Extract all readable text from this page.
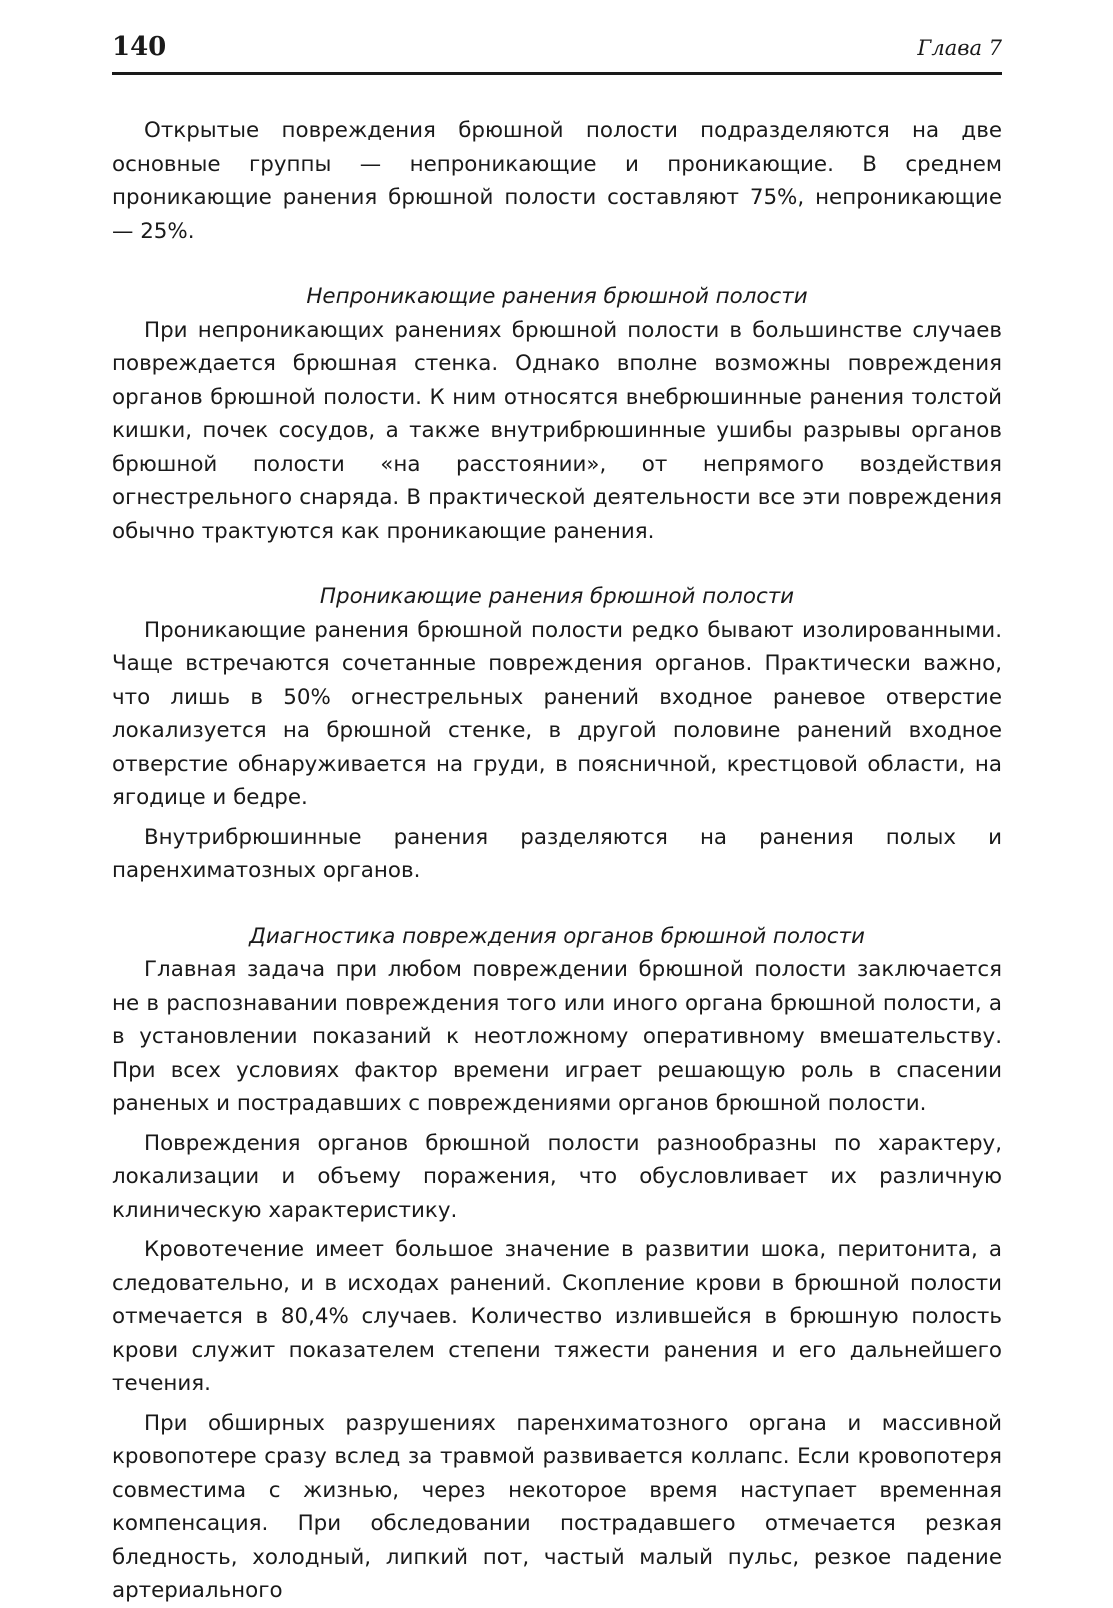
140	Глава 7

Открытые повреждения брюшной полости подразделяются на две основные группы — непроникающие и проникающие. В среднем проникающие ранения брюшной полости составляют 75%, непроникающие — 25%.

Непроникающие ранения брюшной полости

При непроникающих ранениях брюшной полости в большинстве случаев повреждается брюшная стенка. Однако вполне возможны повреждения органов брюшной полости. К ним относятся внебрюшинные ранения толстой кишки, почек сосудов, а также внутрибрюшинные ушибы разрывы органов брюшной полости «на расстоянии», от непрямого воздействия огнестрельного снаряда. В практической деятельности все эти повреждения обычно трактуются как проникающие ранения.

Проникающие ранения брюшной полости

Проникающие ранения брюшной полости редко бывают изолированными. Чаще встречаются сочетанные повреждения органов. Практически важно, что лишь в 50% огнестрельных ранений входное раневое отверстие локализуется на брюшной стенке, в другой половине ранений входное отверстие обнаруживается на груди, в поясничной, крестцовой области, на ягодице и бедре.

Внутрибрюшинные ранения разделяются на ранения полых и паренхиматозных органов.

Диагностика повреждения органов брюшной полости

Главная задача при любом повреждении брюшной полости заключается не в распознавании повреждения того или иного органа брюшной полости, а в установлении показаний к неотложному оперативному вмешательству. При всех условиях фактор времени играет решающую роль в спасении раненых и пострадавших с повреждениями органов брюшной полости.

Повреждения органов брюшной полости разнообразны по характеру, локализации и объему поражения, что обусловливает их различную клиническую характеристику.

Кровотечение имеет большое значение в развитии шока, перитонита, а следовательно, и в исходах ранений. Скопление крови в брюшной полости отмечается в 80,4% случаев. Количество излившейся в брюшную полость крови служит показателем степени тяжести ранения и его дальнейшего течения.

При обширных разрушениях паренхиматозного органа и массивной кровопотере сразу вслед за травмой развивается коллапс. Если кровопотеря совместима с жизнью, через некоторое время наступает временная компенсация. При обследовании пострадавшего отмечается резкая бледность, холодный, липкий пот, частый малый пульс, резкое падение артериального
